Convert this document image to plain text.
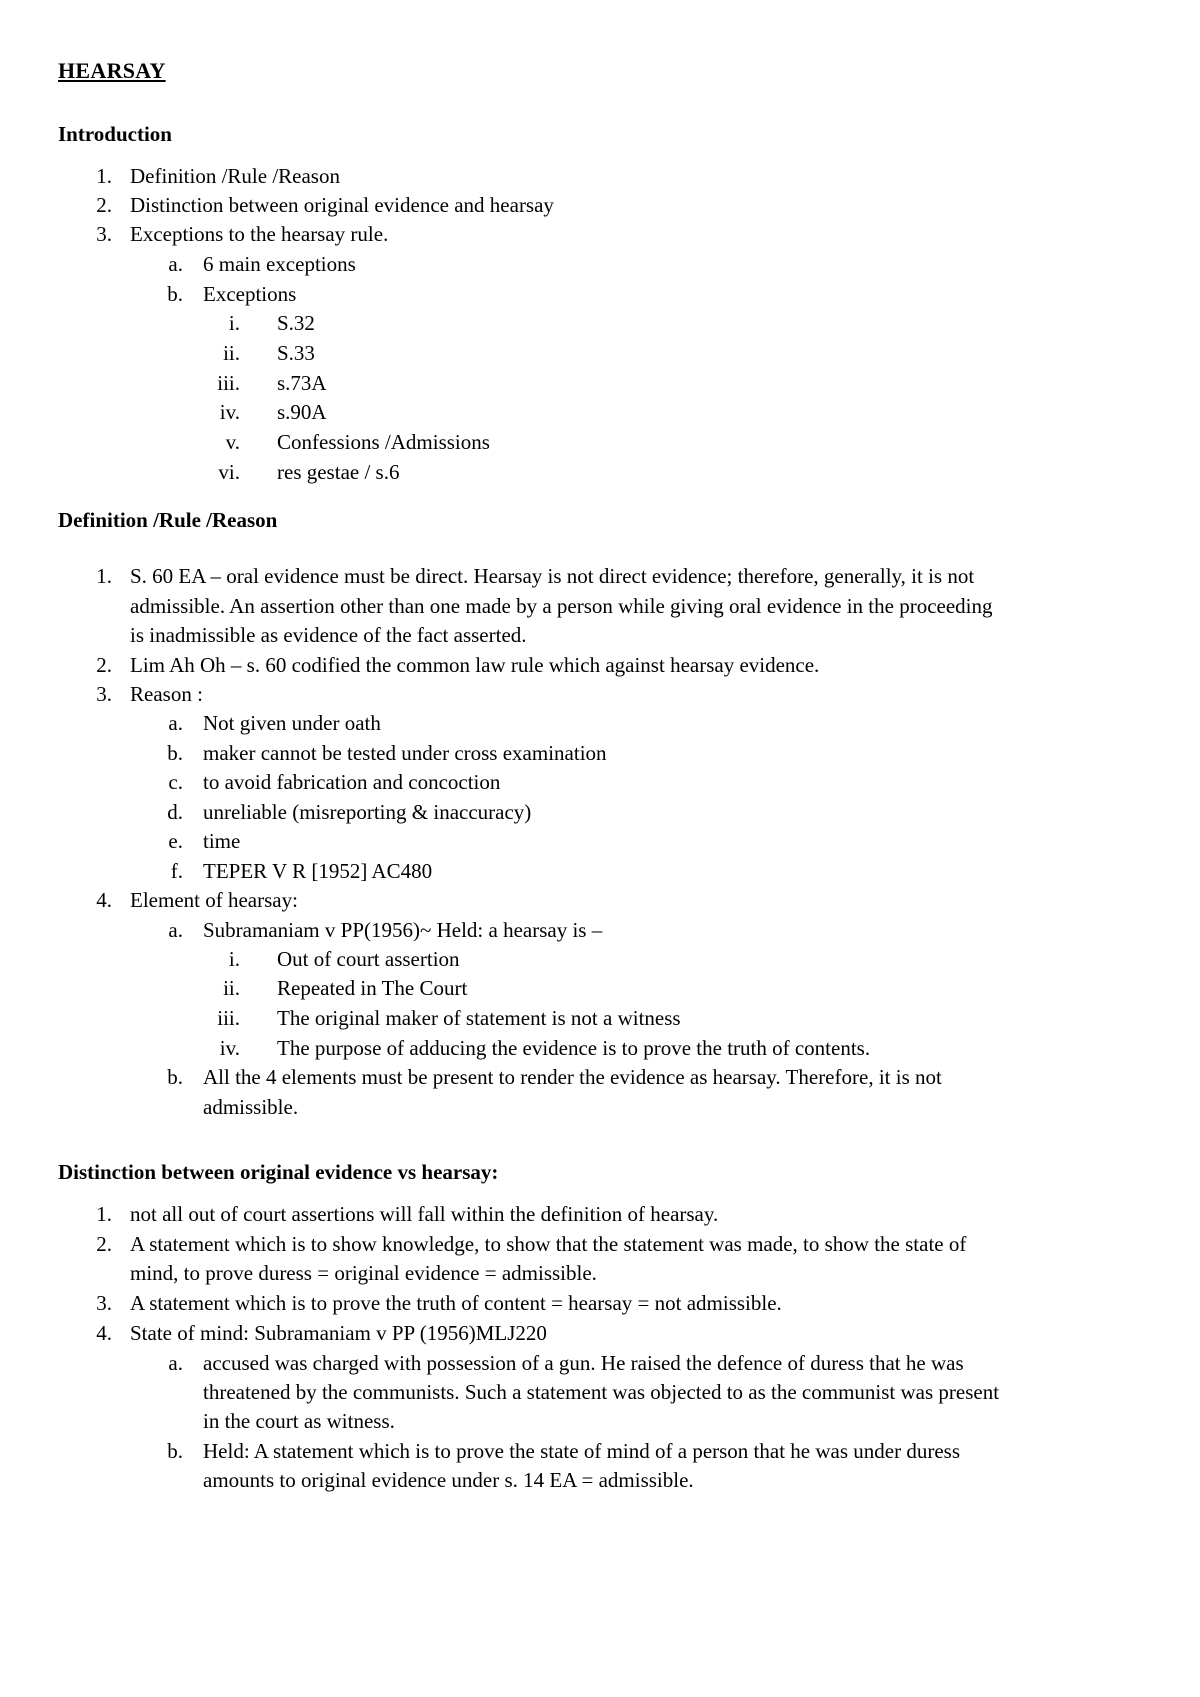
HEARSAY
Introduction
1. Definition /Rule /Reason
2. Distinction between original evidence and hearsay
3. Exceptions to the hearsay rule.
a. 6 main exceptions
b. Exceptions
i. S.32
ii. S.33
iii. s.73A
iv. s.90A
v. Confessions /Admissions
vi. res gestae / s.6
Definition /Rule /Reason
1. S. 60 EA – oral evidence must be direct. Hearsay is not direct evidence; therefore, generally, it is not
admissible. An assertion other than one made by a person while giving oral evidence in the proceeding
is inadmissible as evidence of the fact asserted.
2. Lim Ah Oh – s. 60 codified the common law rule which against hearsay evidence.
3. Reason :
a. Not given under oath
b. maker cannot be tested under cross examination
c. to avoid fabrication and concoction
d. unreliable (misreporting & inaccuracy)
e. time
f. TEPER V R [1952] AC480
4. Element of hearsay:
a. Subramaniam v PP(1956)~ Held: a hearsay is –
i. Out of court assertion
ii. Repeated in The Court
iii. The original maker of statement is not a witness
iv. The purpose of adducing the evidence is to prove the truth of contents.
b. All the 4 elements must be present to render the evidence as hearsay. Therefore, it is not
admissible.
Distinction between original evidence vs hearsay:
1. not all out of court assertions will fall within the definition of hearsay.
2. A statement which is to show knowledge, to show that the statement was made, to show the state of
mind, to prove duress = original evidence = admissible.
3. A statement which is to prove the truth of content = hearsay = not admissible.
4. State of mind: Subramaniam v PP (1956)MLJ220
a. accused was charged with possession of a gun. He raised the defence of duress that he was
threatened by the communists. Such a statement was objected to as the communist was present
in the court as witness.
b. Held: A statement which is to prove the state of mind of a person that he was under duress
amounts to original evidence under s. 14 EA = admissible.
